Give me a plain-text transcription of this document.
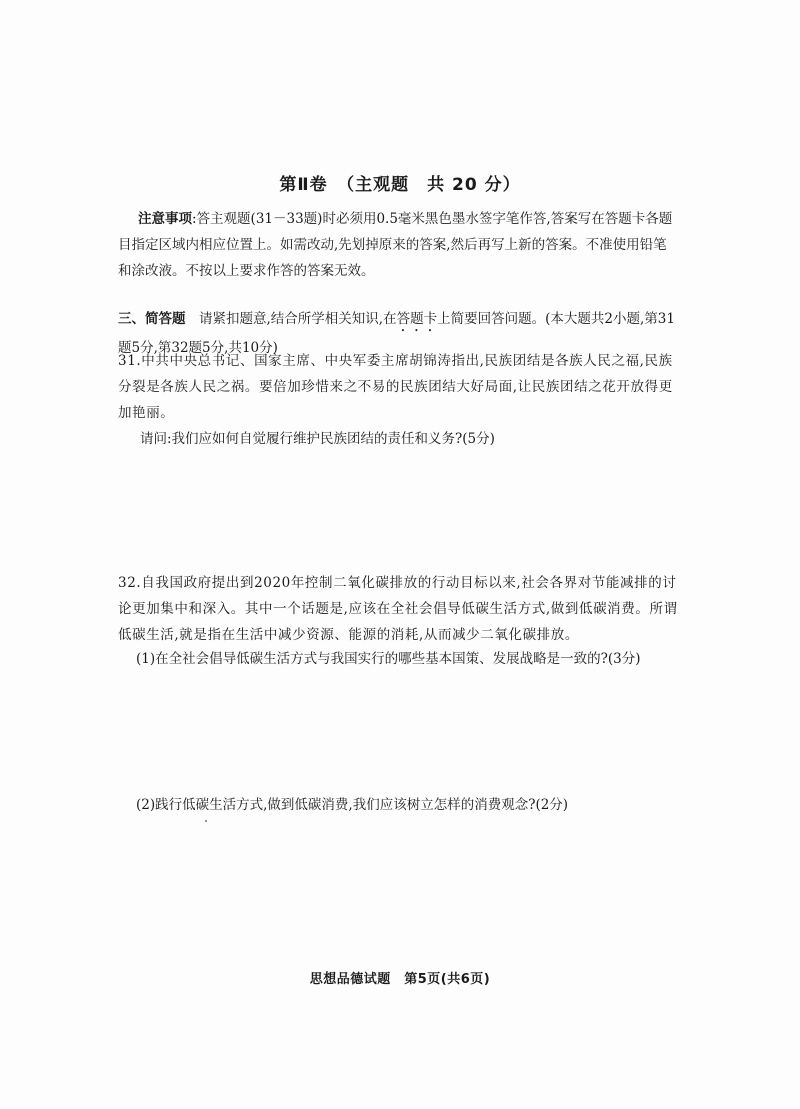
第Ⅱ卷　（主观题　共 20 分）
注意事项:答主观题(31－33题)时必须用0.5毫米黑色墨水签字笔作答,答案写在答题卡各题目指定区域内相应位置上。如需改动,先划掉原来的答案,然后再写上新的答案。不准使用铅笔和涂改液。不按以上要求作答的答案无效。
三、简答题　请紧扣题意,结合所学相关知识,在答题卡上简要回答问题。(本大题共2小题,第31题5分,第32题5分,共10分)
31.中共中央总书记、国家主席、中央军委主席胡锦涛指出,民族团结是各族人民之福,民族分裂是各族人民之祸。要倍加珍惜来之不易的民族团结大好局面,让民族团结之花开放得更加艳丽。
请问:我们应如何自觉履行维护民族团结的责任和义务?(5分)
32.自我国政府提出到2020年控制二氧化碳排放的行动目标以来,社会各界对节能减排的讨论更加集中和深入。其中一个话题是,应该在全社会倡导低碳生活方式,做到低碳消费。所谓低碳生活,就是指在生活中减少资源、能源的消耗,从而减少二氧化碳排放。
(1)在全社会倡导低碳生活方式与我国实行的哪些基本国策、发展战略是一致的?(3分)
(2)践行低碳生活方式,做到低碳消费,我们应该树立怎样的消费观念?(2分)
思想品德试题　第5页(共6页)
